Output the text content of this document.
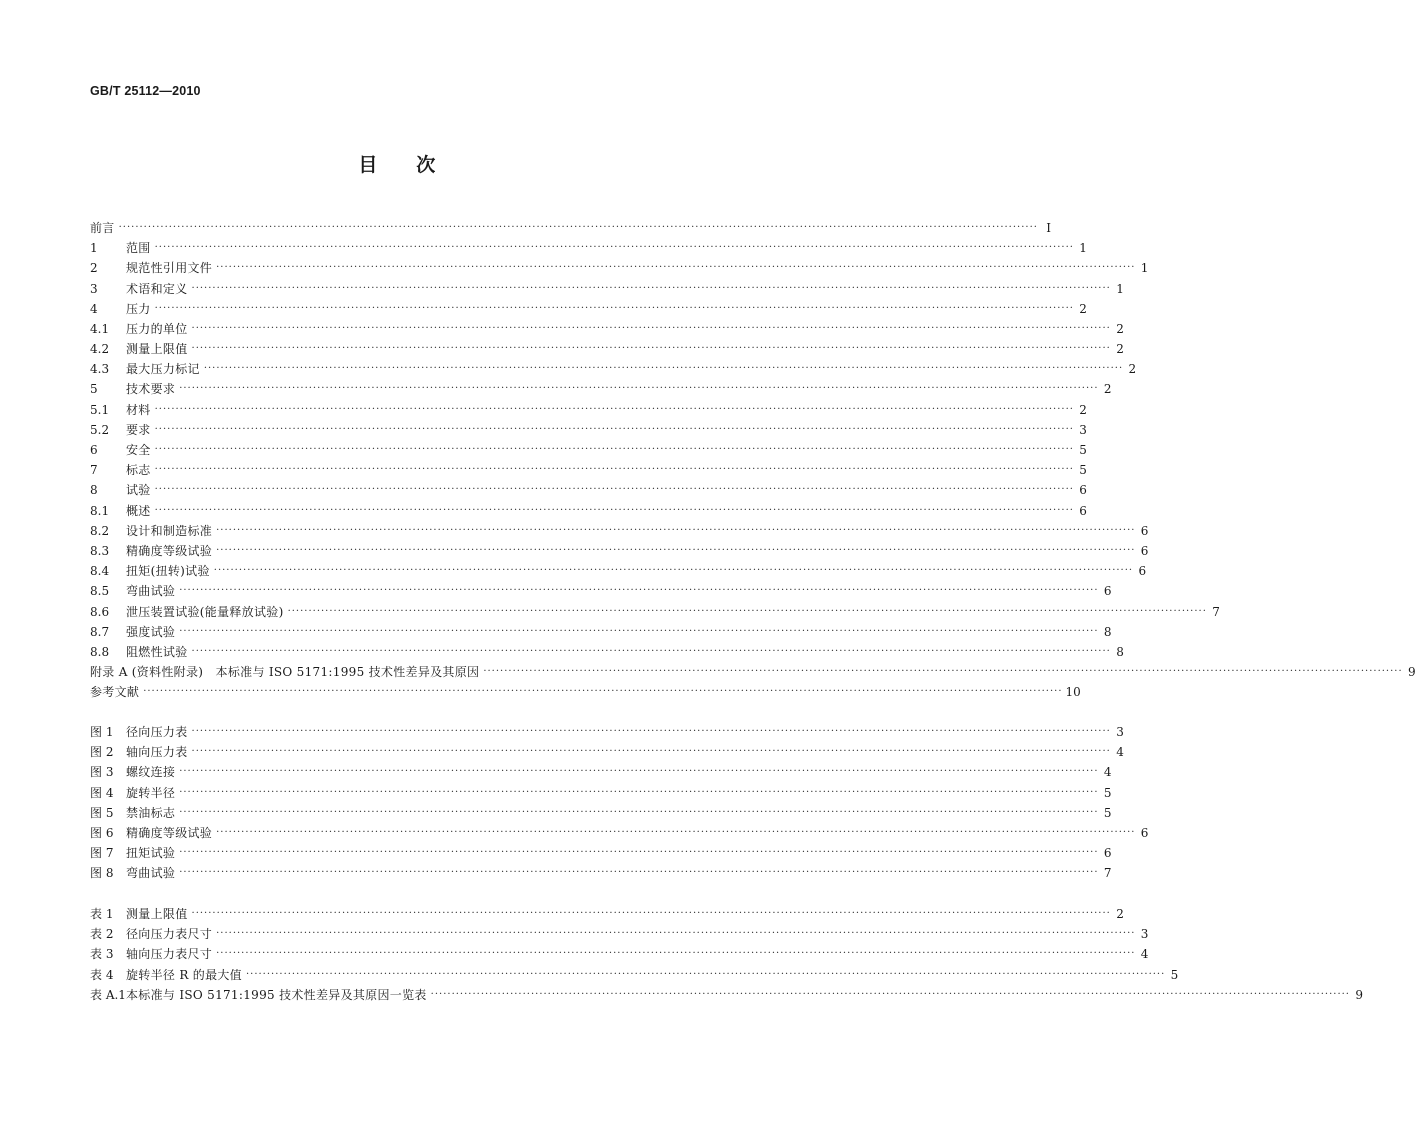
GB/T 25112—2010
目　　次
前言 ···························································································································································································································· Ⅰ
1	范围 ···························································································································································································································· 1
2	规范性引用文件 ···························································································································································································································· 1
3	术语和定义 ···························································································································································································································· 1
4	压力 ···························································································································································································································· 2
4.1	压力的单位 ···························································································································································································································· 2
4.2	测量上限值 ···························································································································································································································· 2
4.3	最大压力标记 ···························································································································································································································· 2
5	技术要求 ···························································································································································································································· 2
5.1	材料 ···························································································································································································································· 2
5.2	要求 ···························································································································································································································· 3
6	安全 ···························································································································································································································· 5
7	标志 ···························································································································································································································· 5
8	试验 ···························································································································································································································· 6
8.1	概述 ···························································································································································································································· 6
8.2	设计和制造标准 ···························································································································································································································· 6
8.3	精确度等级试验 ···························································································································································································································· 6
8.4	扭矩(扭转)试验 ···························································································································································································································· 6
8.5	弯曲试验 ···························································································································································································································· 6
8.6	泄压装置试验(能量释放试验) ···························································································································································································································· 7
8.7	强度试验 ···························································································································································································································· 8
8.8	阻燃性试验 ···························································································································································································································· 8
附录 A (资料性附录)　本标准与 ISO 5171:1995 技术性差异及其原因 ···························································································································································································································· 9
参考文献 ···························································································································································································································· 10
图 1	径向压力表 ···························································································································································································································· 3
图 2	轴向压力表 ···························································································································································································································· 4
图 3	螺纹连接 ···························································································································································································································· 4
图 4	旋转半径 ···························································································································································································································· 5
图 5	禁油标志 ···························································································································································································································· 5
图 6	精确度等级试验 ···························································································································································································································· 6
图 7	扭矩试验 ···························································································································································································································· 6
图 8	弯曲试验 ···························································································································································································································· 7
表 1	测量上限值 ···························································································································································································································· 2
表 2	径向压力表尺寸 ···························································································································································································································· 3
表 3	轴向压力表尺寸 ···························································································································································································································· 4
表 4	旋转半径 R 的最大值 ···························································································································································································································· 5
表 A.1 本标准与 ISO 5171:1995 技术性差异及其原因一览表 ···························································································································································································································· 9
